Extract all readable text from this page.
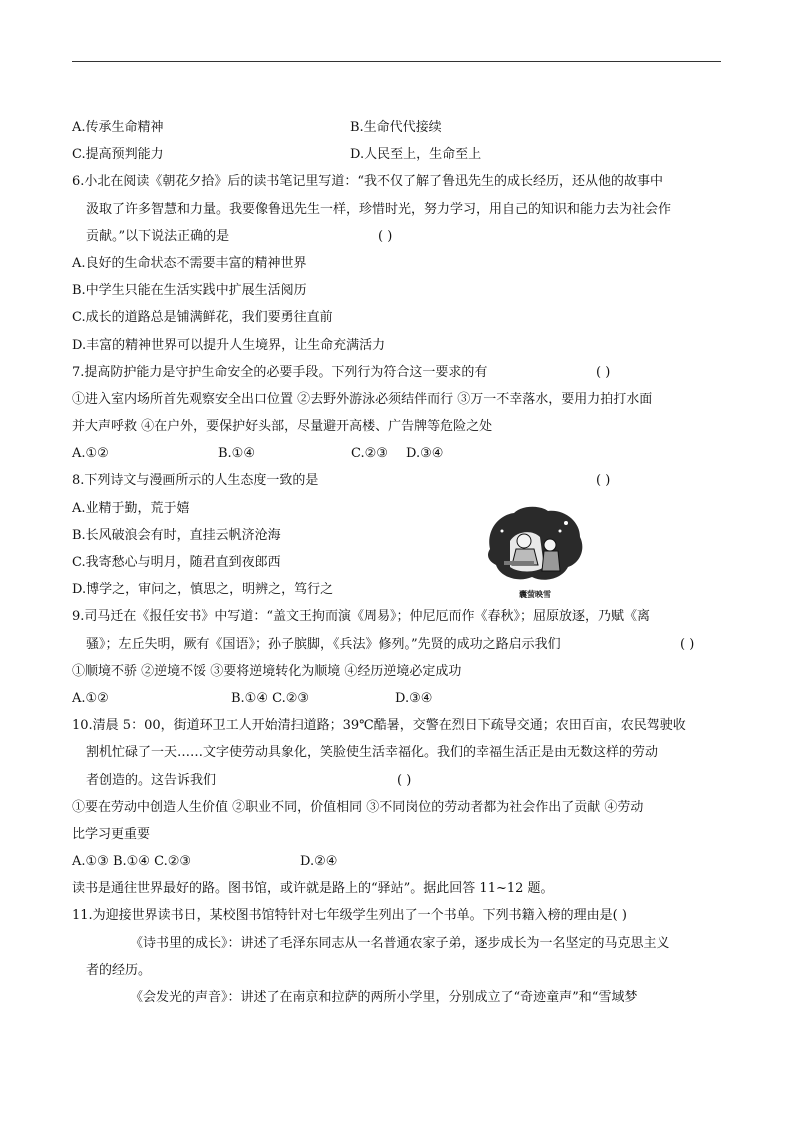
A.传承生命精神	B.生命代代接续
C.提高预判能力	D.人民至上，生命至上
6.小北在阅读《朝花夕拾》后的读书笔记里写道：“我不仅了解了鲁迅先生的成长经历，还从他的故事中
汲取了许多智慧和力量。我要像鲁迅先生一样，珍惜时光，努力学习，用自己的知识和能力去为社会作
贡献。”以下说法正确的是	( )
A.良好的生命状态不需要丰富的精神世界
B.中学生只能在生活实践中扩展生活阅历
C.成长的道路总是铺满鲜花，我们要勇往直前
D.丰富的精神世界可以提升人生境界，让生命充满活力
7.提高防护能力是守护生命安全的必要手段。下列行为符合这一要求的有	( )
①进入室内场所首先观察安全出口位置 ②去野外游泳必须结伴而行 ③万一不幸落水，要用力拍打水面
并大声呼救 ④在户外，要保护好头部，尽量避开高楼、广告牌等危险之处
A.①②	B.①④	C.②③ D.③④
8.下列诗文与漫画所示的人生态度一致的是	( )
A.业精于勤，荒于嬉
B.长风破浪会有时，直挂云帆济沧海
C.我寄愁心与明月，随君直到夜郎西
D.博学之，审问之，慎思之，明辨之，笃行之
9.司马迁在《报任安书》中写道：“盖文王拘而演《周易》；仲尼厄而作《春秋》；屈原放逐，乃赋《离
骚》；左丘失明，厥有《国语》；孙子膑脚，《兵法》修列。”先贤的成功之路启示我们	( )
①顺境不骄 ②逆境不馁 ③要将逆境转化为顺境 ④经历逆境必定成功
A.①②	B.①④ C.②③	D.③④
10.清晨 5：00，街道环卫工人开始清扫道路；39℃酷暑，交警在烈日下疏导交通；农田百亩，农民驾驶收
割机忙碌了一天……文字使劳动具象化，笑脸使生活幸福化。我们的幸福生活正是由无数这样的劳动
者创造的。这告诉我们	( )
①要在劳动中创造人生价值 ②职业不同，价值相同 ③不同岗位的劳动者都为社会作出了贡献 ④劳动
比学习更重要
A.①③ B.①④ C.②③	D.②④
读书是通往世界最好的路。图书馆，或许就是路上的“驿站”。据此回答 11~12 题。
11.为迎接世界读书日，某校图书馆特针对七年级学生列出了一个书单。下列书籍入榜的理由是( )
《诗书里的成长》：讲述了毛泽东同志从一名普通农家子弟，逐步成长为一名坚定的马克思主义
者的经历。
《会发光的声音》：讲述了在南京和拉萨的两所小学里，分别成立了“奇迹童声”和“雪域梦
囊萤映雪
